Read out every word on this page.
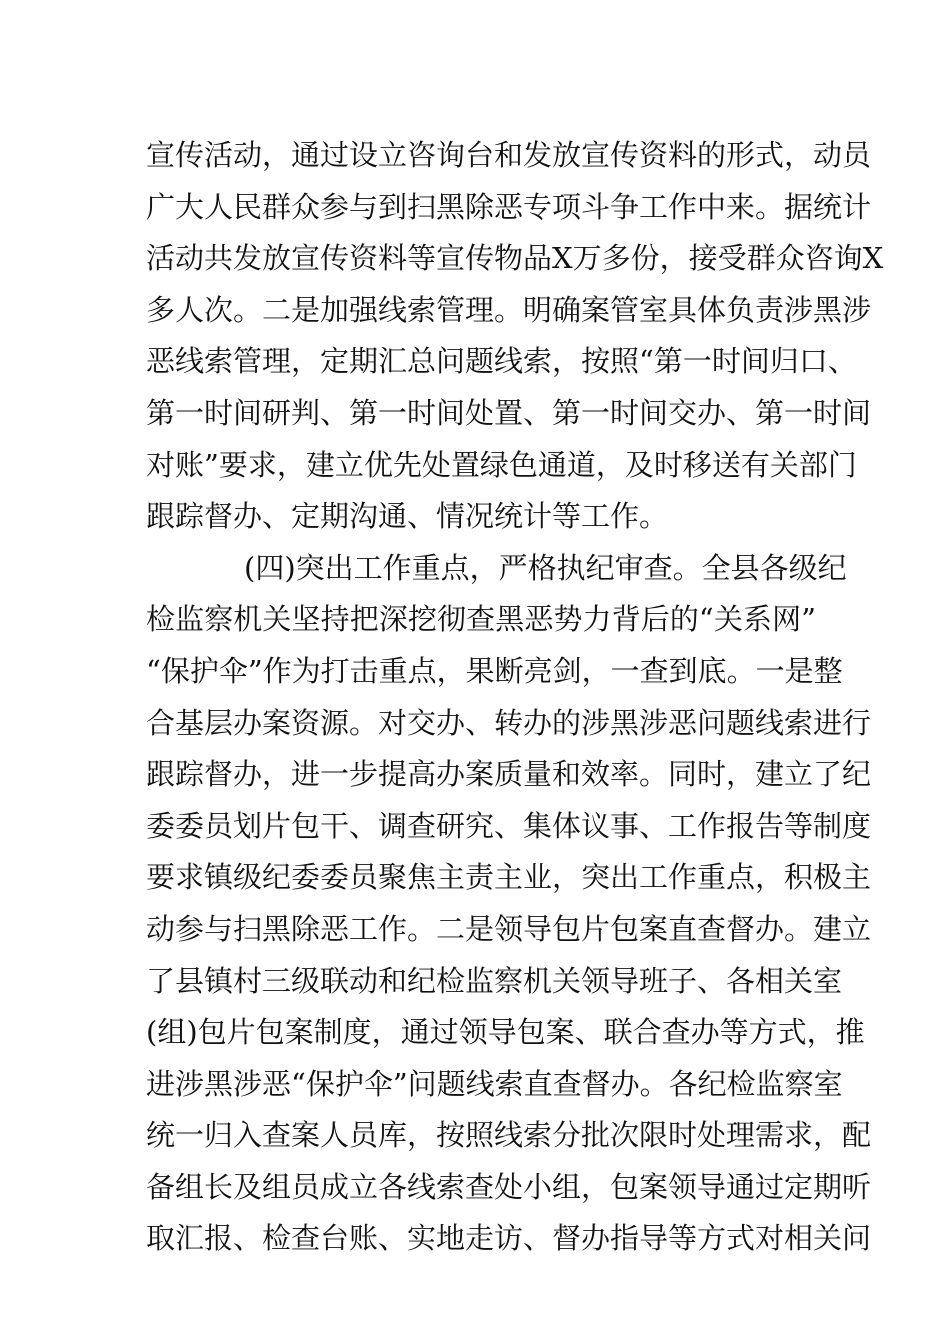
宣传活动，通过设立咨询台和发放宣传资料的形式，动员
广大人民群众参与到扫黑除恶专项斗争工作中来。据统计
活动共发放宣传资料等宣传物品X万多份，接受群众咨询X
多人次。二是加强线索管理。明确案管室具体负责涉黑涉
恶线索管理，定期汇总问题线索，按照“第一时间归口、
第一时间研判、第一时间处置、第一时间交办、第一时间
对账”要求，建立优先处置绿色通道，及时移送有关部门
跟踪督办、定期沟通、情况统计等工作。
(四)突出工作重点，严格执纪审查。全县各级纪
检监察机关坚持把深挖彻查黑恶势力背后的“关系网”
“保护伞”作为打击重点，果断亮剑，一查到底。一是整
合基层办案资源。对交办、转办的涉黑涉恶问题线索进行
跟踪督办，进一步提高办案质量和效率。同时，建立了纪
委委员划片包干、调查研究、集体议事、工作报告等制度
要求镇级纪委委员聚焦主责主业，突出工作重点，积极主
动参与扫黑除恶工作。二是领导包片包案直查督办。建立
了县镇村三级联动和纪检监察机关领导班子、各相关室
(组)包片包案制度，通过领导包案、联合查办等方式，推
进涉黑涉恶“保护伞”问题线索直查督办。各纪检监察室
统一归入查案人员库，按照线索分批次限时处理需求，配
备组长及组员成立各线索查处小组，包案领导通过定期听
取汇报、检查台账、实地走访、督办指导等方式对相关问
